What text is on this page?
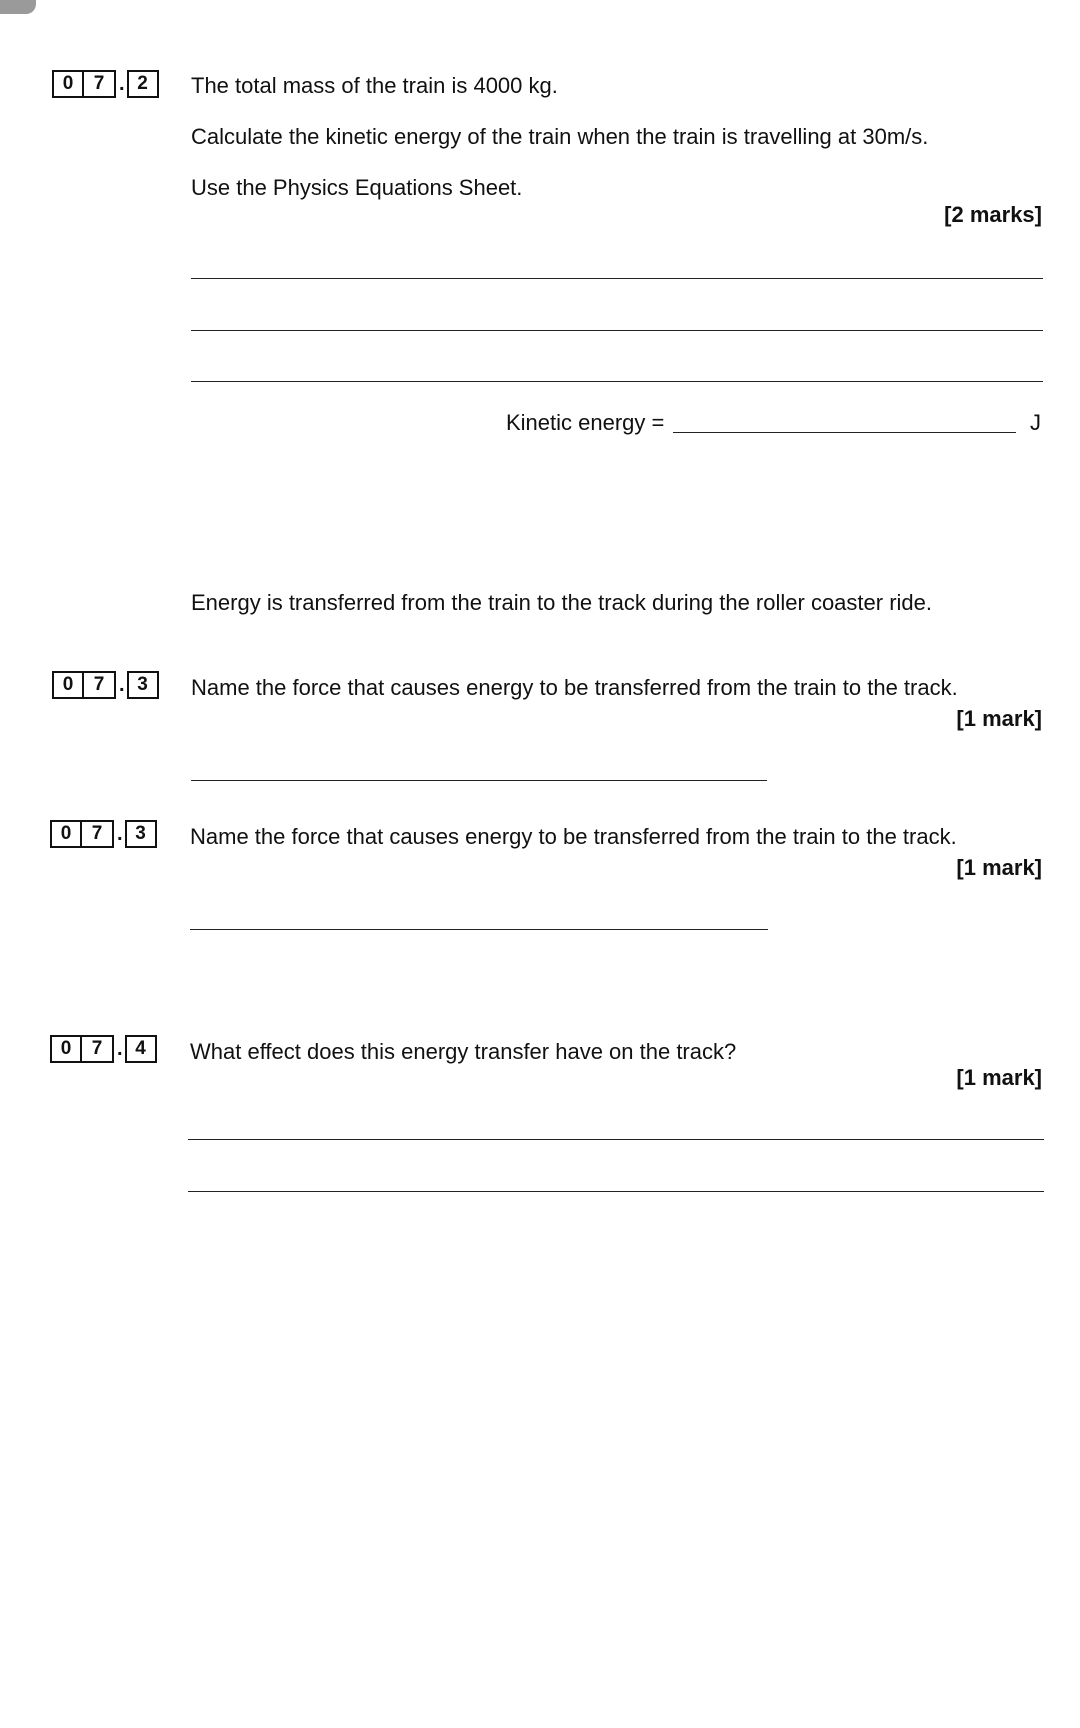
0	7 . 2	The total mass of the train is 4000 kg.
Calculate the kinetic energy of the train when the train is travelling at 30m/s.
Use the Physics Equations Sheet.
[2 marks]
Kinetic energy =	J
Energy is transferred from the train to the track during the roller coaster ride.
0	7 . 3	Name the force that causes energy to be transferred from the train to the track.
[1 mark]
0	7 . 3	Name the force that causes energy to be transferred from the train to the track.
[1 mark]
0	7 . 4	What effect does this energy transfer have on the track?
[1 mark]
